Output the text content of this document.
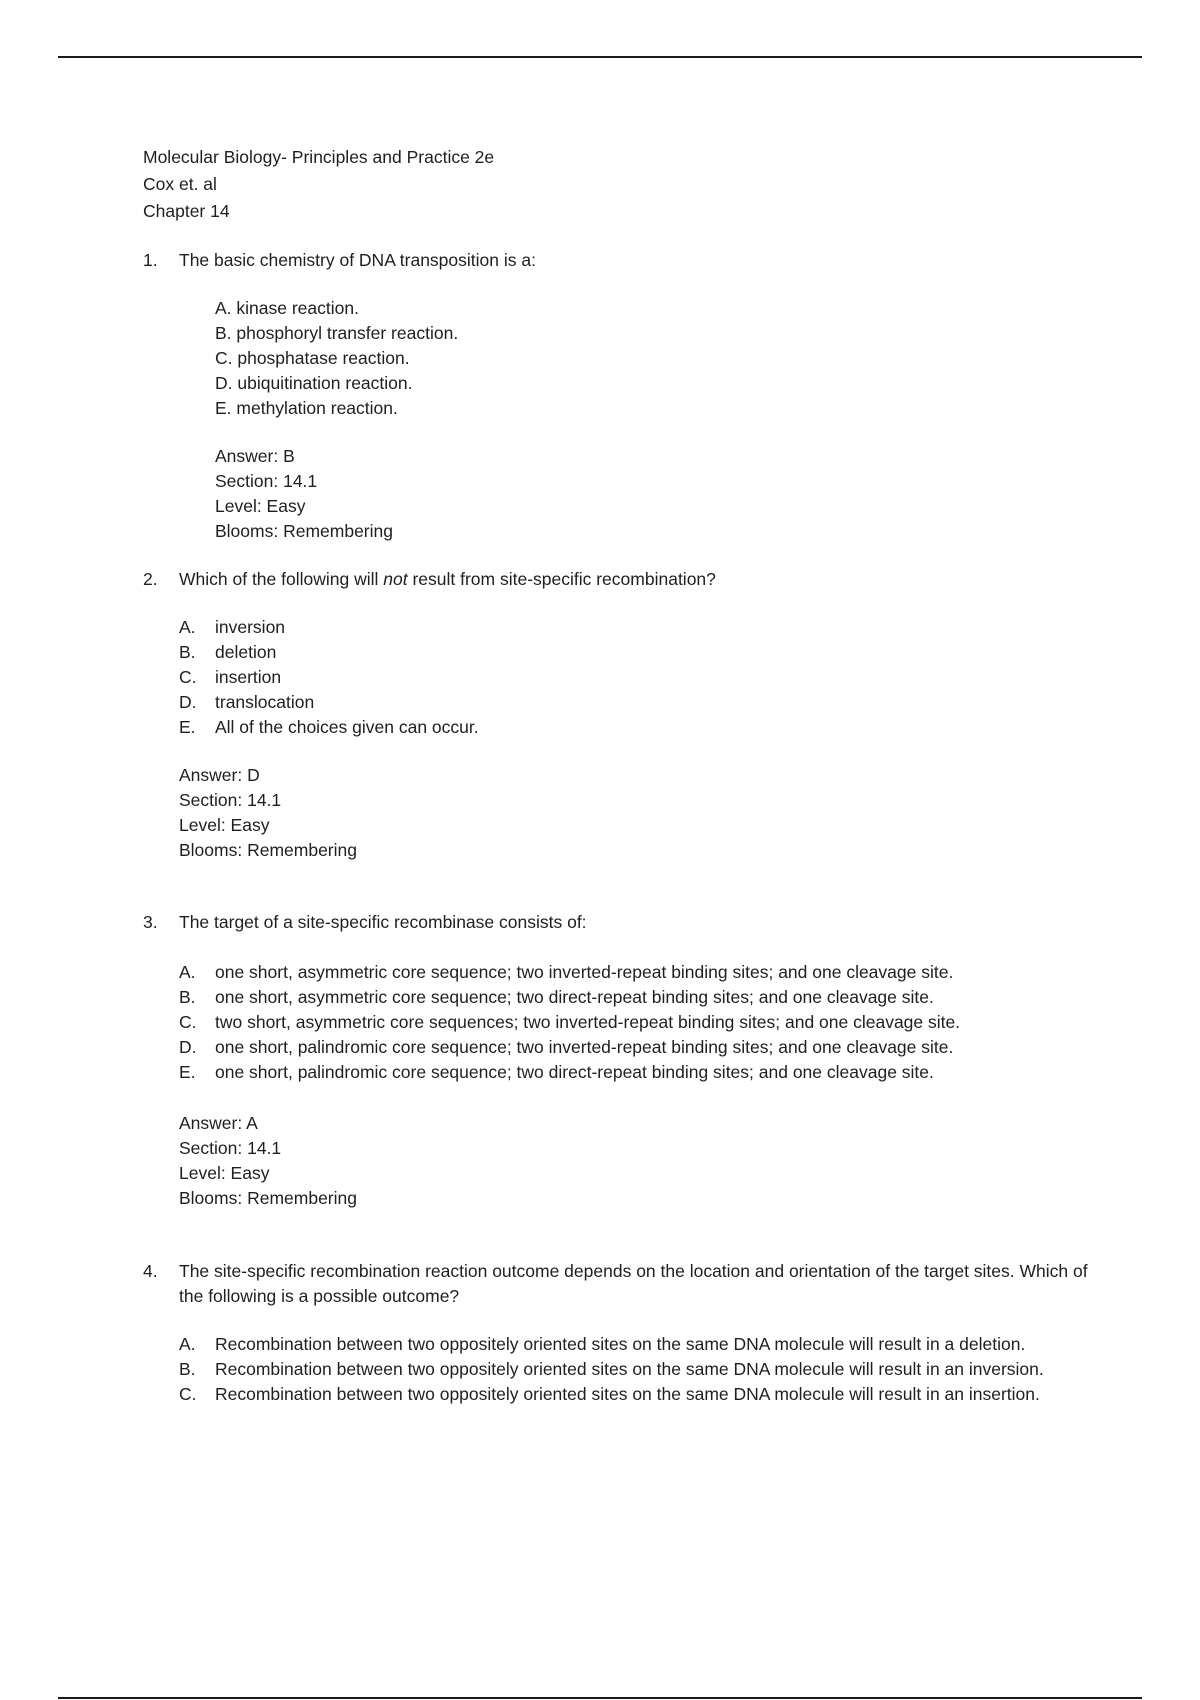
Molecular Biology- Principles and Practice 2e
Cox et. al
Chapter 14
1.	The basic chemistry of DNA transposition is a:
A. kinase reaction.
B. phosphoryl transfer reaction.
C. phosphatase reaction.
D. ubiquitination reaction.
E. methylation reaction.
Answer: B
Section: 14.1
Level: Easy
Blooms: Remembering
2.	Which of the following will not result from site-specific recombination?
A.	inversion
B.	deletion
C.	insertion
D.	translocation
E.	All of the choices given can occur.
Answer: D
Section: 14.1
Level: Easy
Blooms: Remembering
3.	The target of a site-specific recombinase consists of:
A.	one short, asymmetric core sequence; two inverted-repeat binding sites; and one cleavage site.
B.	one short, asymmetric core sequence; two direct-repeat binding sites; and one cleavage site.
C.	two short, asymmetric core sequences; two inverted-repeat binding sites; and one cleavage site.
D.	one short, palindromic core sequence; two inverted-repeat binding sites; and one cleavage site.
E.	one short, palindromic core sequence; two direct-repeat binding sites; and one cleavage site.
Answer: A
Section: 14.1
Level: Easy
Blooms: Remembering
4.	The site-specific recombination reaction outcome depends on the location and orientation of the target sites. Which of the following is a possible outcome?
A.	Recombination between two oppositely oriented sites on the same DNA molecule will result in a deletion.
B.	Recombination between two oppositely oriented sites on the same DNA molecule will result in an inversion.
C.	Recombination between two oppositely oriented sites on the same DNA molecule will result in an insertion.
